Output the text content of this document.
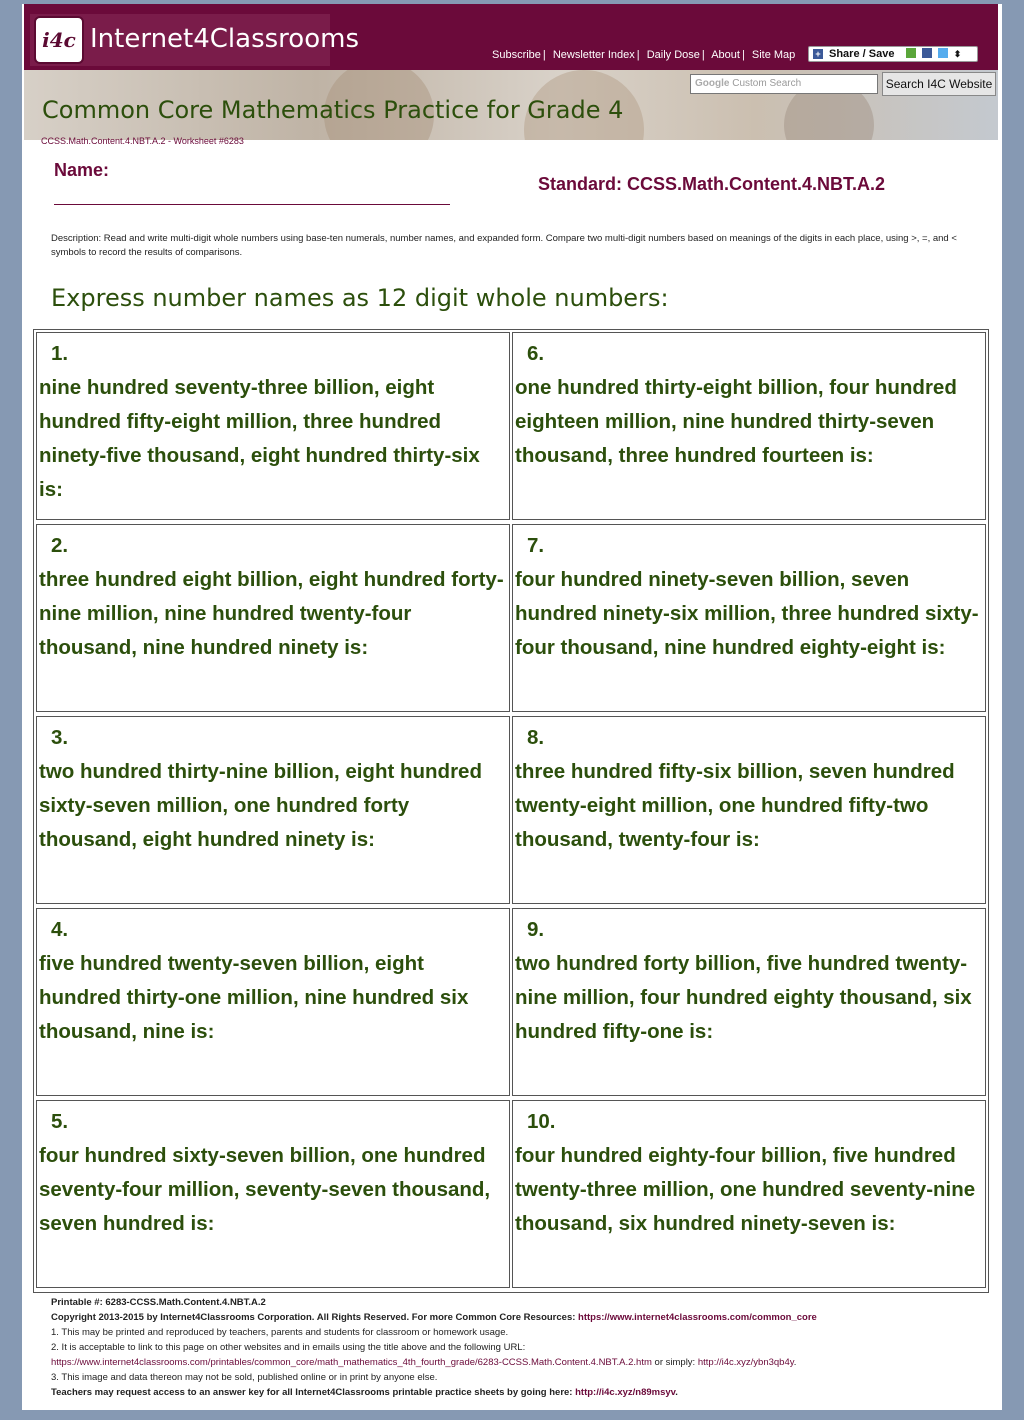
i4c Internet4Classrooms
Subscribe | Newsletter Index | Daily Dose | About | Site Map + Share / Save	⬍
Google Custom Search	Search I4C Website
Common Core Mathematics Practice for Grade 4
CCSS.Math.Content.4.NBT.A.2 - Worksheet #6283
Name:
Standard: CCSS.Math.Content.4.NBT.A.2
Description: Read and write multi-digit whole numbers using base-ten numerals, number names, and expanded form. Compare two multi-digit numbers based on meanings of the digits in each place, using >, =, and < symbols to record the results of comparisons.
Express number names as 12 digit whole numbers:
1.
nine hundred seventy-three billion, eight hundred fifty-eight million, three hundred ninety-five thousand, eight hundred thirty-six is:
2.
three hundred eight billion, eight hundred forty-nine million, nine hundred twenty-four thousand, nine hundred ninety is:
3.
two hundred thirty-nine billion, eight hundred sixty-seven million, one hundred forty thousand, eight hundred ninety is:
4.
five hundred twenty-seven billion, eight hundred thirty-one million, nine hundred six thousand, nine is:
5.
four hundred sixty-seven billion, one hundred seventy-four million, seventy-seven thousand, seven hundred is:
6.
one hundred thirty-eight billion, four hundred eighteen million, nine hundred thirty-seven thousand, three hundred fourteen is:
7.
four hundred ninety-seven billion, seven hundred ninety-six million, three hundred sixty-four thousand, nine hundred eighty-eight is:
8.
three hundred fifty-six billion, seven hundred twenty-eight million, one hundred fifty-two thousand, twenty-four is:
9.
two hundred forty billion, five hundred twenty-nine million, four hundred eighty thousand, six hundred fifty-one is:
10.
four hundred eighty-four billion, five hundred twenty-three million, one hundred seventy-nine thousand, six hundred ninety-seven is:
Printable #: 6283-CCSS.Math.Content.4.NBT.A.2
Copyright 2013-2015 by Internet4Classrooms Corporation. All Rights Reserved. For more Common Core Resources: https://www.internet4classrooms.com/common_core
1. This may be printed and reproduced by teachers, parents and students for classroom or homework usage.
2. It is acceptable to link to this page on other websites and in emails using the title above and the following URL:
https://www.internet4classrooms.com/printables/common_core/math_mathematics_4th_fourth_grade/6283-CCSS.Math.Content.4.NBT.A.2.htm or simply: http://i4c.xyz/ybn3qb4y.
3. This image and data thereon may not be sold, published online or in print by anyone else.
Teachers may request access to an answer key for all Internet4Classrooms printable practice sheets by going here: http://i4c.xyz/n89msyv.
